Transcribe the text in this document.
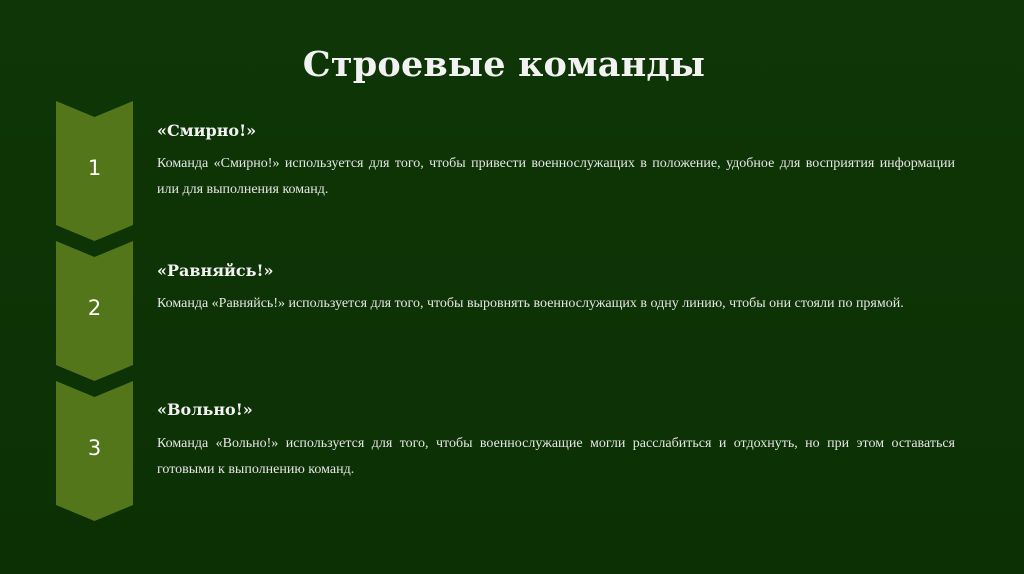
Строевые команды
1
«Смирно!»
Команда «Смирно!» используется для того, чтобы привести военнослужащих в положение, удобное для восприятия информации или для выполнения команд.
2
«Равняйсь!»
Команда «Равняйсь!» используется для того, чтобы выровнять военнослужащих в одну линию, чтобы они стояли по прямой.
3
«Вольно!»
Команда «Вольно!» используется для того, чтобы военнослужащие могли расслабиться и отдохнуть, но при этом оставаться готовыми к выполнению команд.
